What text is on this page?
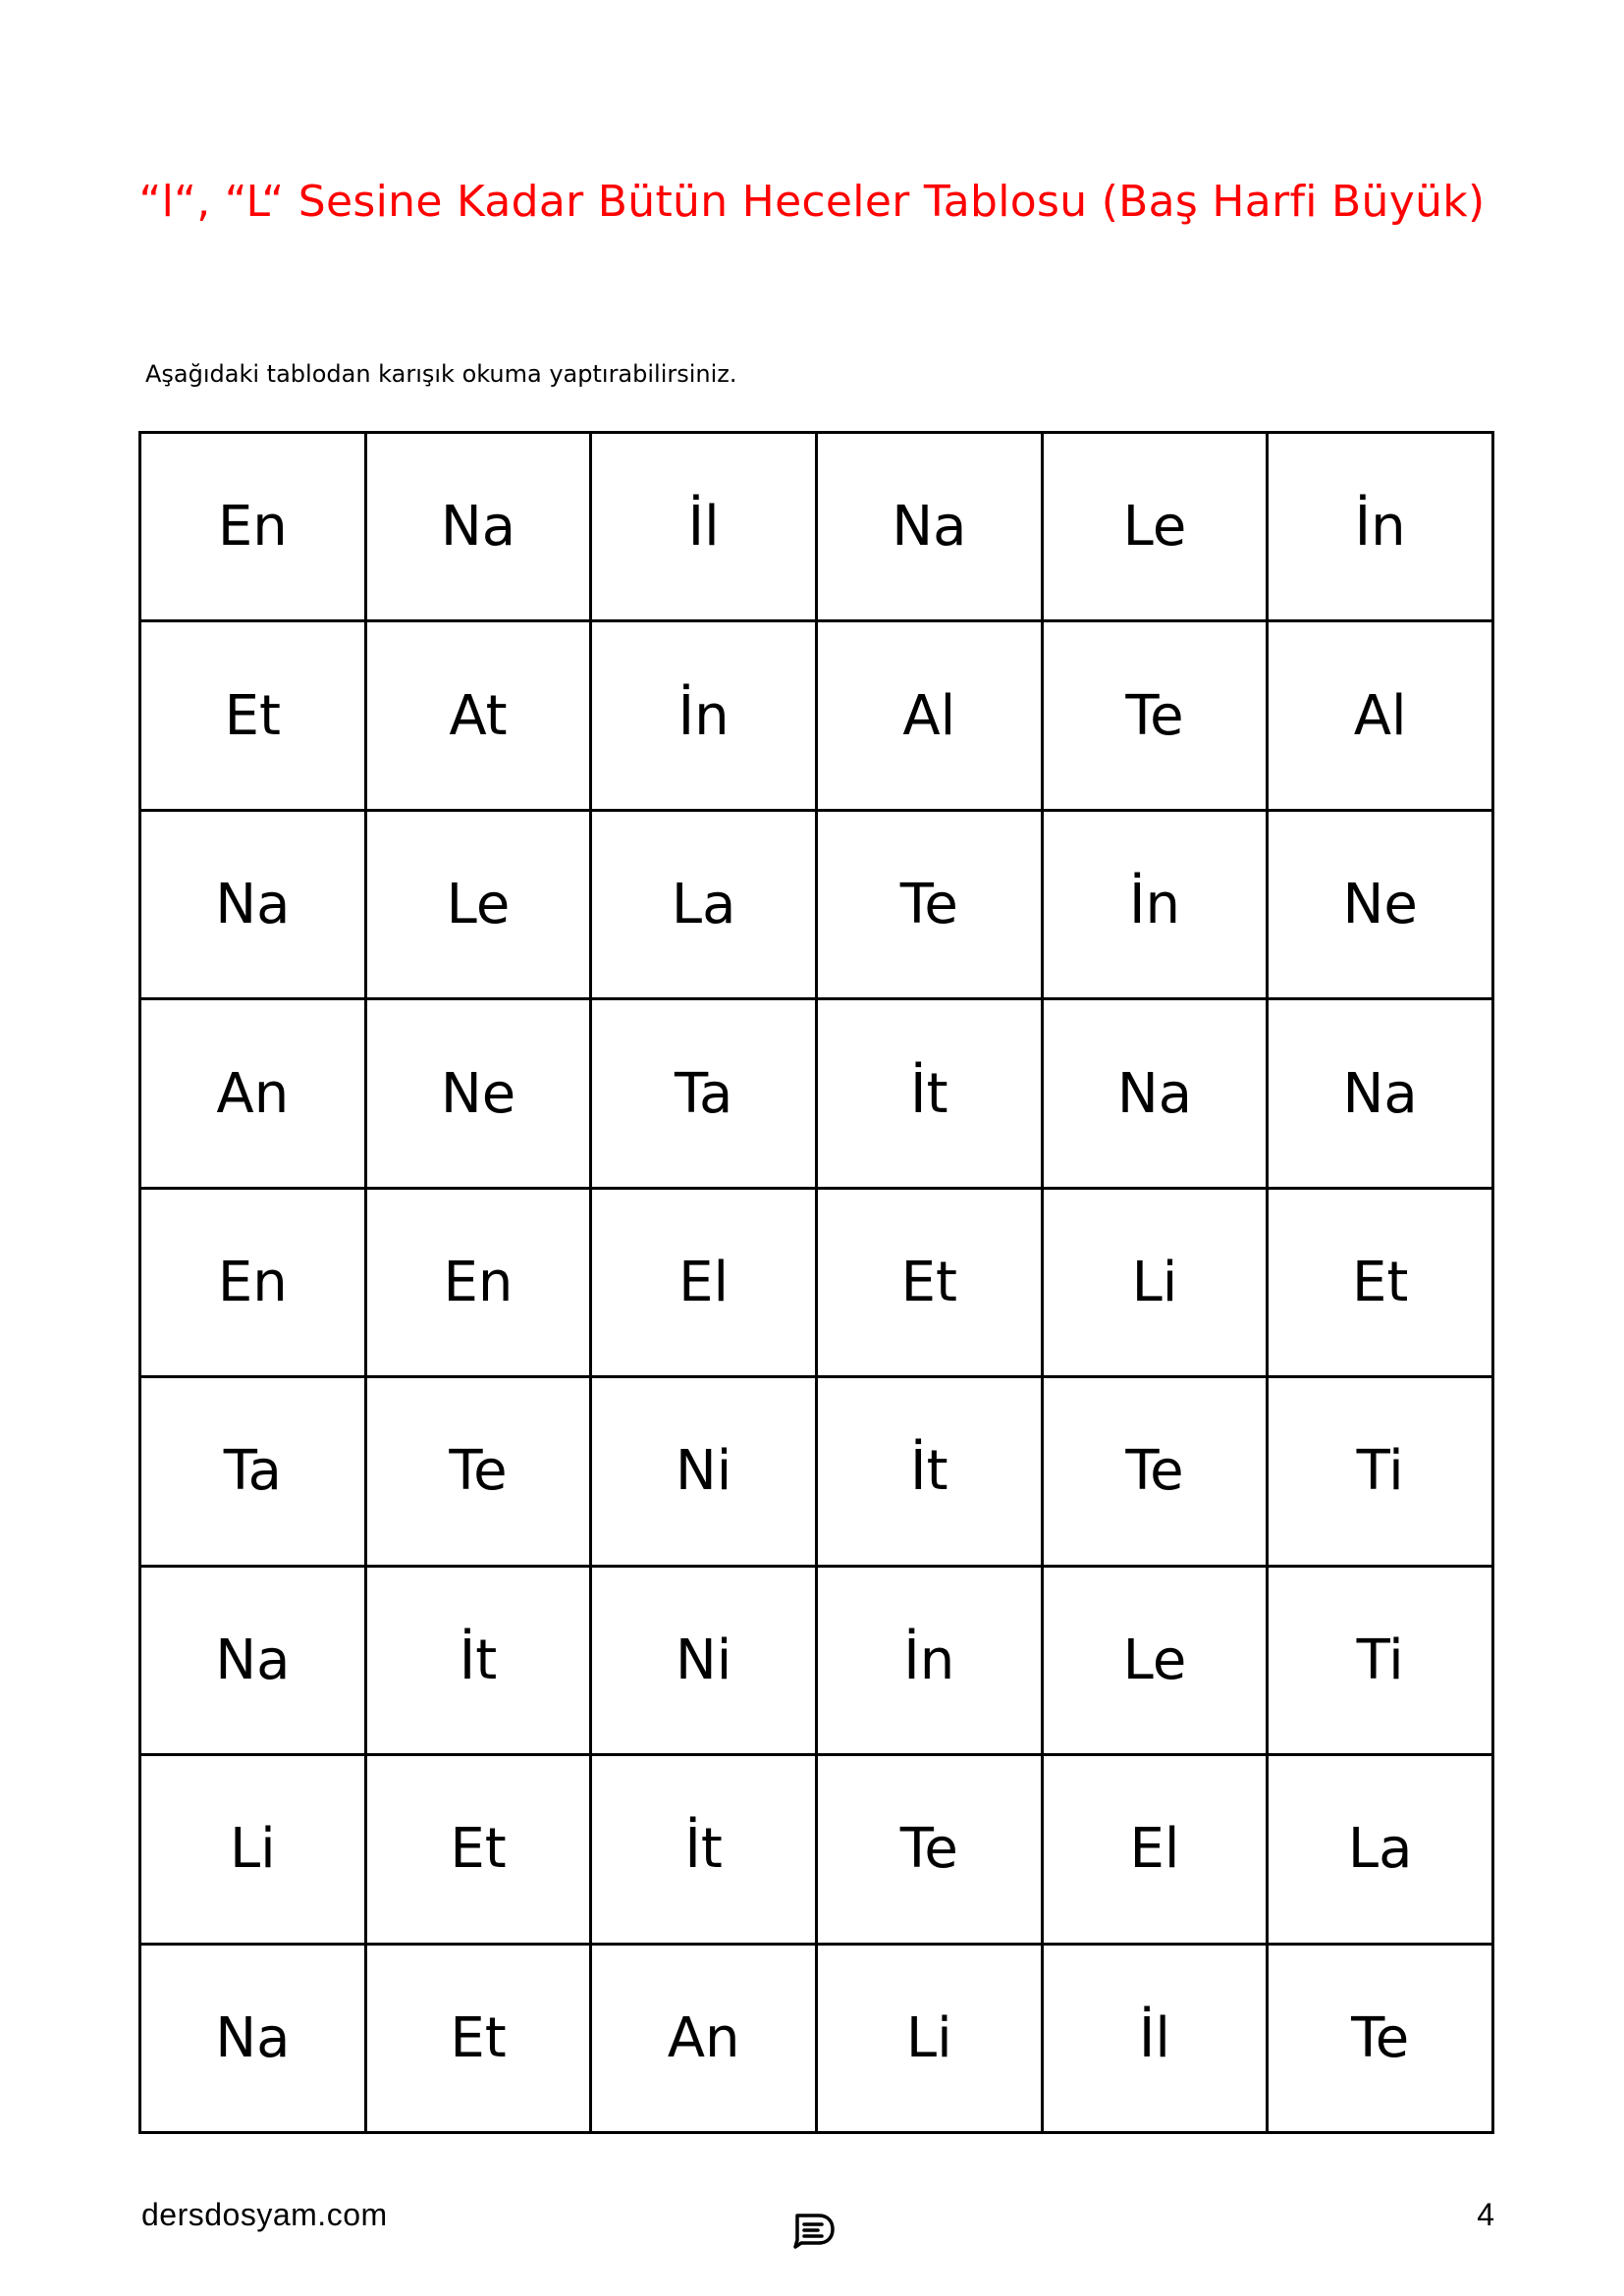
“l“, “L“ Sesine Kadar Bütün Heceler Tablosu (Baş Harfi Büyük)
Aşağıdaki tablodan karışık okuma yaptırabilirsiniz.
En	Na	İl	Na	Le	İn
Et	At	İn	Al	Te	Al
Na	Le	La	Te	İn	Ne
An	Ne	Ta	İt	Na	Na
En	En	El	Et	Li	Et
Ta	Te	Ni	İt	Te	Ti
Na	İt	Ni	İn	Le	Ti
Li	Et	İt	Te	El	La
Na	Et	An	Li	İl	Te
dersdosyam.com	4
